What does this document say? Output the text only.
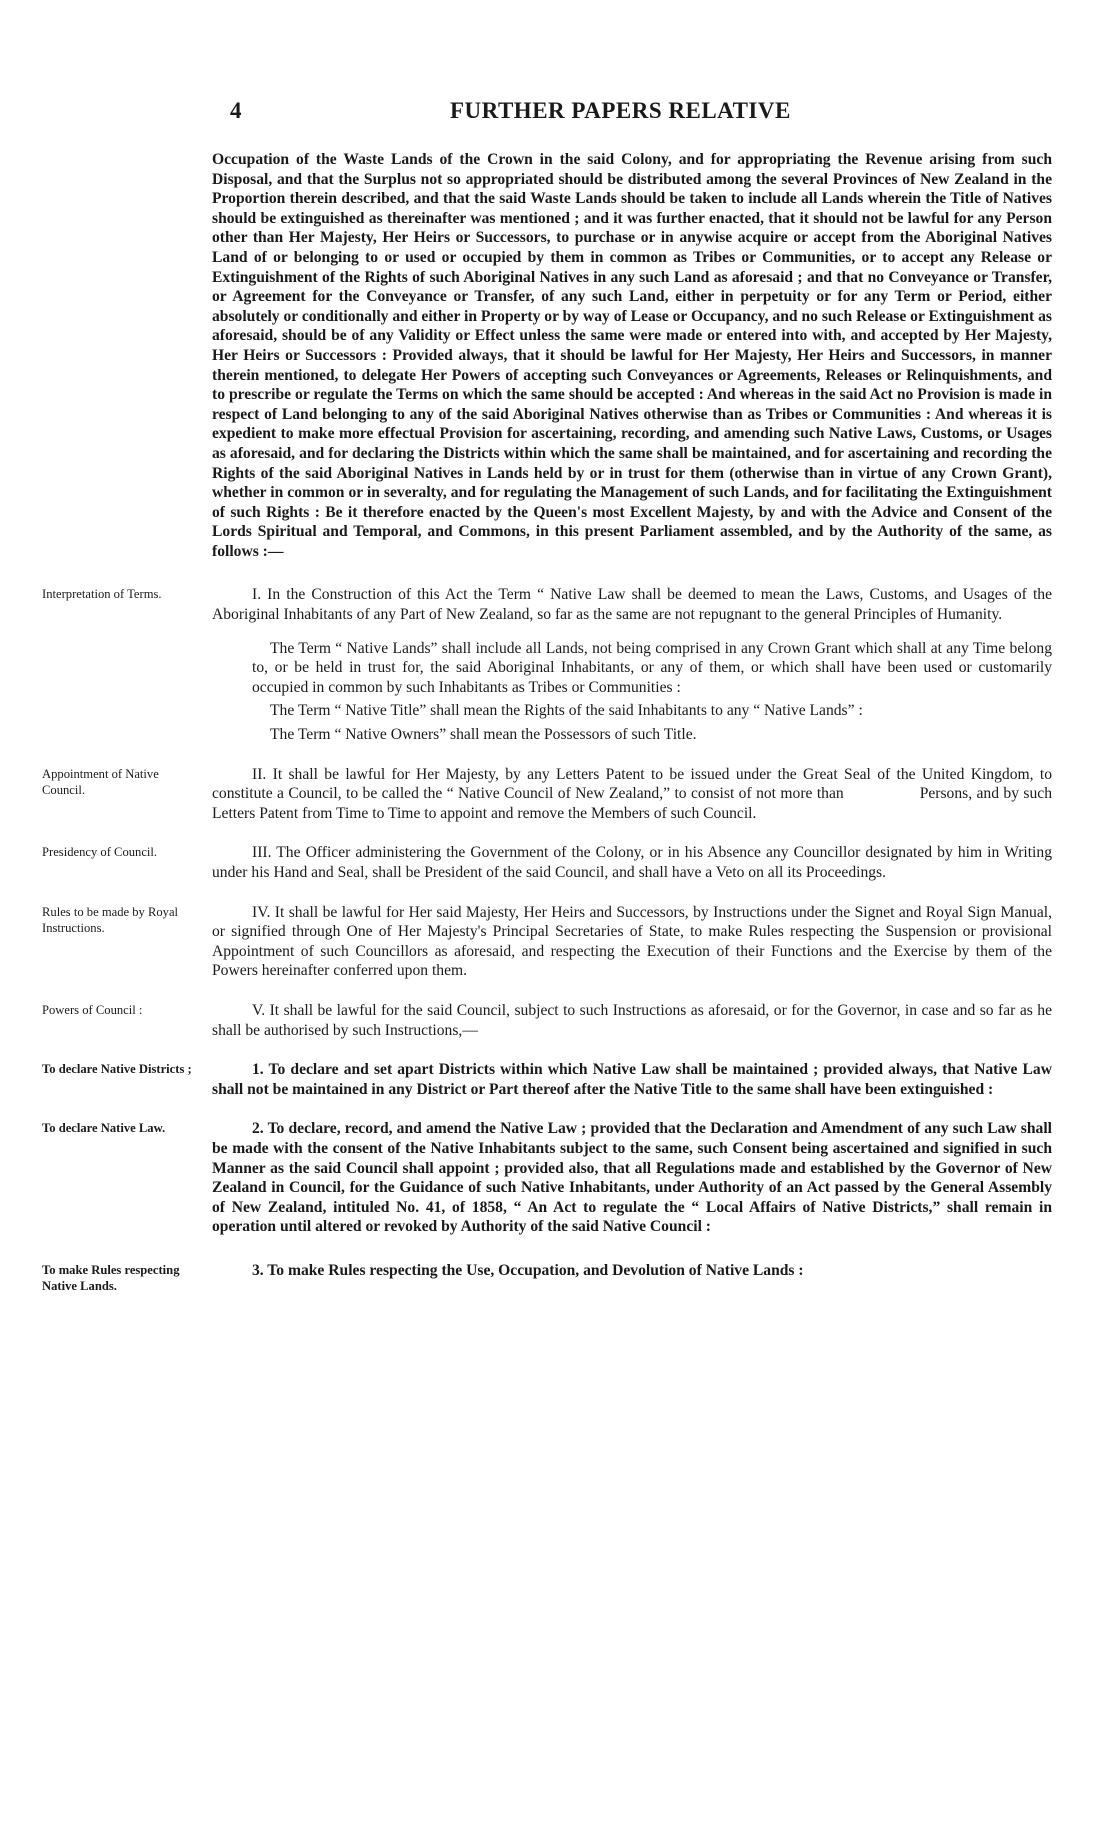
4	FURTHER PAPERS RELATIVE

Occupation of the Waste Lands of the Crown in the said Colony, and for appropriating the Revenue arising from such Disposal, and that the Surplus not so appropriated should be distributed among the several Provinces of New Zealand in the Proportion therein described, and that the said Waste Lands should be taken to include all Lands wherein the Title of Natives should be extinguished as thereinafter was mentioned ; and it was further enacted, that it should not be lawful for any Person other than Her Majesty, Her Heirs or Successors, to purchase or in anywise acquire or accept from the Aboriginal Natives Land of or belonging to or used or occupied by them in common as Tribes or Communities, or to accept any Release or Extinguishment of the Rights of such Aboriginal Natives in any such Land as aforesaid ; and that no Conveyance or Transfer, or Agreement for the Conveyance or Transfer, of any such Land, either in perpetuity or for any Term or Period, either absolutely or conditionally and either in Property or by way of Lease or Occupancy, and no such Release or Extinguishment as aforesaid, should be of any Validity or Effect unless the same were made or entered into with, and accepted by Her Majesty, Her Heirs or Successors : Provided always, that it should be lawful for Her Majesty, Her Heirs and Successors, in manner therein mentioned, to delegate Her Powers of accepting such Conveyances or Agreements, Releases or Relinquishments, and to prescribe or regulate the Terms on which the same should be accepted : And whereas in the said Act no Provision is made in respect of Land belonging to any of the said Aboriginal Natives otherwise than as Tribes or Communities : And whereas it is expedient to make more effectual Provision for ascertaining, recording, and amending such Native Laws, Customs, or Usages as aforesaid, and for declaring the Districts within which the same shall be maintained, and for ascertaining and recording the Rights of the said Aboriginal Natives in Lands held by or in trust for them (otherwise than in virtue of any Crown Grant), whether in common or in severalty, and for regulating the Management of such Lands, and for facilitating the Extinguishment of such Rights : Be it therefore enacted by the Queen's most Excellent Majesty, by and with the Advice and Consent of the Lords Spiritual and Temporal, and Commons, in this present Parliament assembled, and by the Authority of the same, as follows :—

Interpretation of Terms.	I. In the Construction of this Act the Term “ Native Law shall be deemed to mean the Laws, Customs, and Usages of the Aboriginal Inhabitants of any Part of New Zealand, so far as the same are not repugnant to the general Principles of Humanity.

The Term “ Native Lands” shall include all Lands, not being comprised in any Crown Grant which shall at any Time belong to, or be held in trust for, the said Aboriginal Inhabitants, or any of them, or which shall have been used or customarily occupied in common by such Inhabitants as Tribes or Communities :

The Term “ Native Title” shall mean the Rights of the said Inhabitants to any “ Native Lands” :

The Term “ Native Owners” shall mean the Possessors of such Title.

Appointment of Native Council.

II. It shall be lawful for Her Majesty, by any Letters Patent to be issued under the Great Seal of the United Kingdom, to constitute a Council, to be called the “ Native Council of New Zealand,” to consist of not more than	Persons, and by such Letters Patent from Time to Time to appoint and remove the Members of such Council.

Presidency of Council.	III. The Officer administering the Government of the Colony, or in his Absence any Councillor designated by him in Writing under his Hand and Seal, shall be President of the said Council, and shall have a Veto on all its Proceedings.

Rules to be made by Royal Instructions.

IV. It shall be lawful for Her said Majesty, Her Heirs and Successors, by Instructions under the Signet and Royal Sign Manual, or signified through One of Her Majesty's Principal Secretaries of State, to make Rules respecting the Suspension or provisional Appointment of such Councillors as aforesaid, and respecting the Execution of their Functions and the Exercise by them of the Powers hereinafter conferred upon them.

Powers of Council :	V. It shall be lawful for the said Council, subject to such Instructions as aforesaid, or for the Governor, in case and so far as he shall be authorised by such Instructions,—

To declare Native Districts ;	1. To declare and set apart Districts within which Native Law shall be maintained ; provided always, that Native Law shall not be maintained in any District or Part thereof after the Native Title to the same shall have been extinguished :

To declare Native Law.	2. To declare, record, and amend the Native Law ; provided that the Declaration and Amendment of any such Law shall be made with the consent of the Native Inhabitants subject to the same, such Consent being ascertained and signified in such Manner as the said Council shall appoint ; provided also, that all Regulations made and established by the Governor of New Zealand in Council, for the Guidance of such Native Inhabitants, under Authority of an Act passed by the General Assembly of New Zealand, intituled No. 41, of 1858, “ An Act to regulate the “ Local Affairs of Native Districts,” shall remain in operation until altered or revoked by Authority of the said Native Council :

To make Rules respecting Native Lands.

3. To make Rules respecting the Use, Occupation, and Devolution of Native Lands :
